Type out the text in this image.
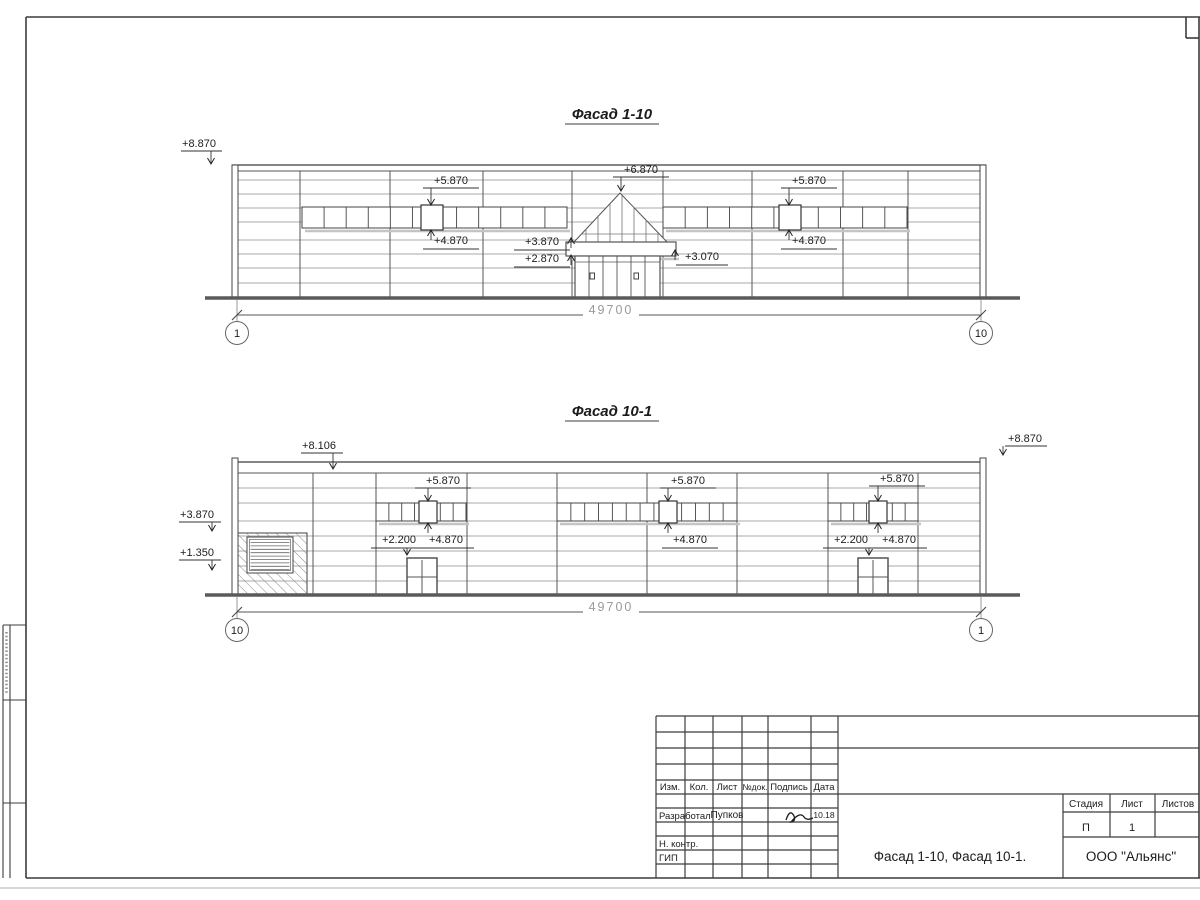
Фасад 1-10
Фасад 10-1
49700
1	10
+8.870
+5.870	+5.870
+6.870
+4.870	+4.870
+3.870
+2.870	+3.070
49700
10	1
+8.106
+8.870
+3.870
+1.350
+5.870
+4.870
+2.200
+5.870
+4.870
+5.870
+4.870
+2.200
Изм. Кол. Лист №док. Подпись Дата
Разработал Пупков	10.18
Н. контр.
ГИП
Стадия Лист Листов
П	1
Фасад 1-10, Фасад 10-1.	ООО "Альянс"
